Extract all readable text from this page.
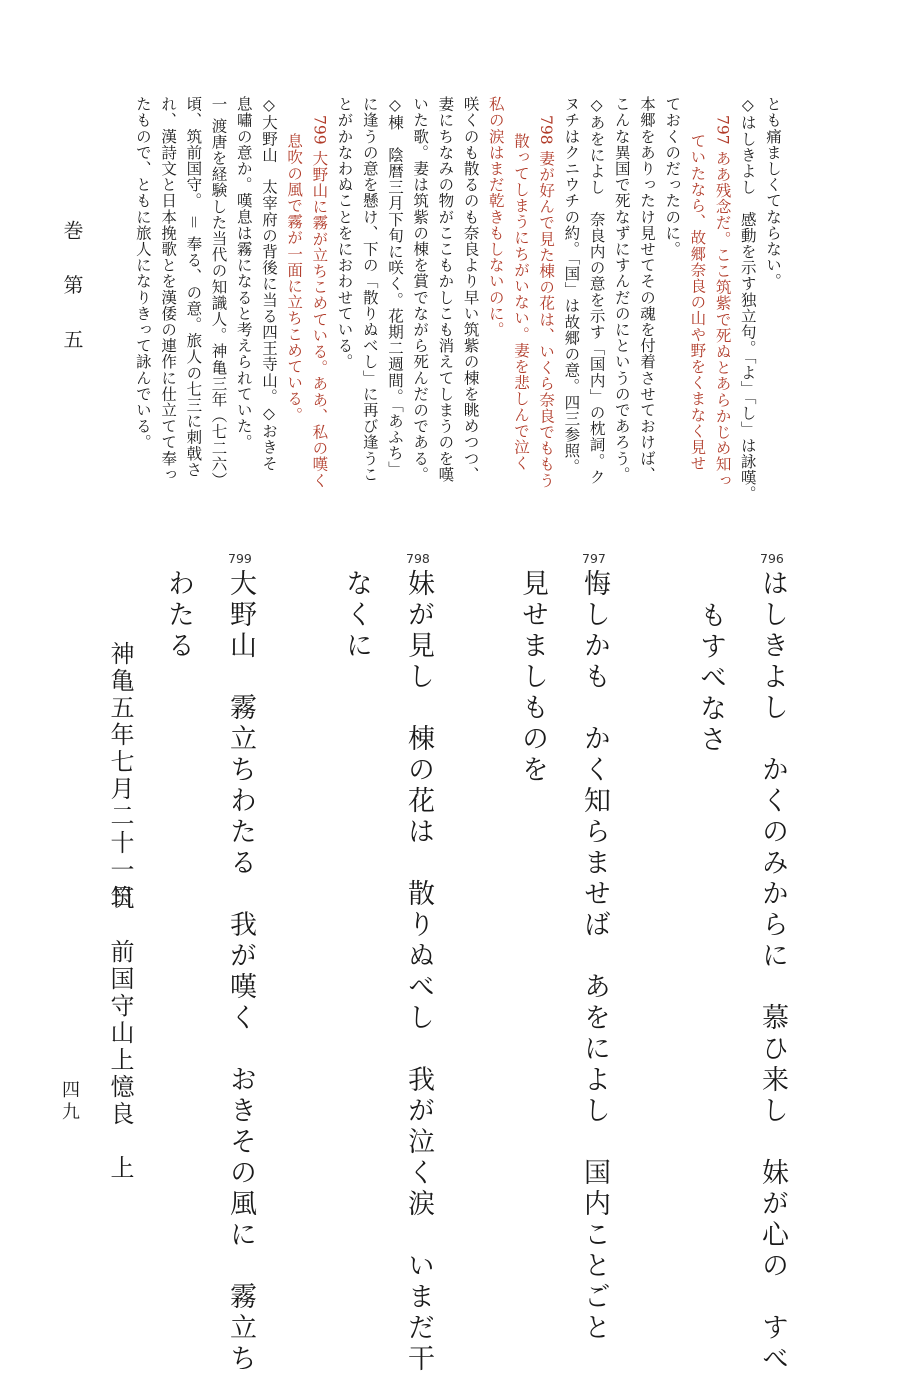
巻 第 五
四九
とも痛ましくてならない。
◇はしきよし　感動を示す独立句。「よ」「し」は詠嘆。
797 ああ残念だ。ここ筑紫で死ぬとあらかじめ知っ
ていたなら、故郷奈良の山や野をくまなく見せ
ておくのだったのに。
本郷をありったけ見せてその魂を付着させておけば、
こんな異国で死なずにすんだのにというのであろう。
◇あをによし　奈良内の意を示す「国内」の枕詞。ク
ヌチはクニウチの約。「国」は故郷の意。四三参照。
798 妻が好んで見た棟の花は、いくら奈良でももう
散ってしまうにちがいない。妻を悲しんで泣く
私の涙はまだ乾きもしないのに。
咲くのも散るのも奈良より早い筑紫の棟を眺めつつ、
妻にちなみの物がここもかしこも消えてしまうのを嘆
いた歌。妻は筑紫の棟を賞でながら死んだのである。
◇棟　陰暦三月下旬に咲く。花期二週間。「あふち」
に逢うの意を懸け、下の「散りぬべし」に再び逢うこ
とがかなわぬことをにおわせている。
799 大野山に霧が立ちこめている。ああ、私の嘆く
息吹の風で霧が一面に立ちこめている。
◇大野山　太宰府の背後に当る四王寺山。◇おきそ
息嘯の意か。嘆息は霧になると考えられていた。
一 渡唐を経験した当代の知識人。神亀三年（七二六）
頃、筑前国守。 ＝ 奉る、の意。旅人の七三に刺戟さ
れ、漢詩文と日本挽歌とを漢倭の連作に仕立てて奉っ
たもので、ともに旅人になりきって詠んでいる。
796
はしきよし　かくのみからに　慕ひ来し　妹が心の　すべ
もすべなさ
797
悔しかも　かく知らませば　あをによし　国内ことごと
見せましものを
798
妹が見し　棟の花は　散りぬべし　我が泣く涙　いまだ干
なくに
799
大野山　霧立ちわたる　我が嘆く　おきその風に　霧立ち
わたる
神亀五年七月二十一日
筑　前国守山上憶良　上
